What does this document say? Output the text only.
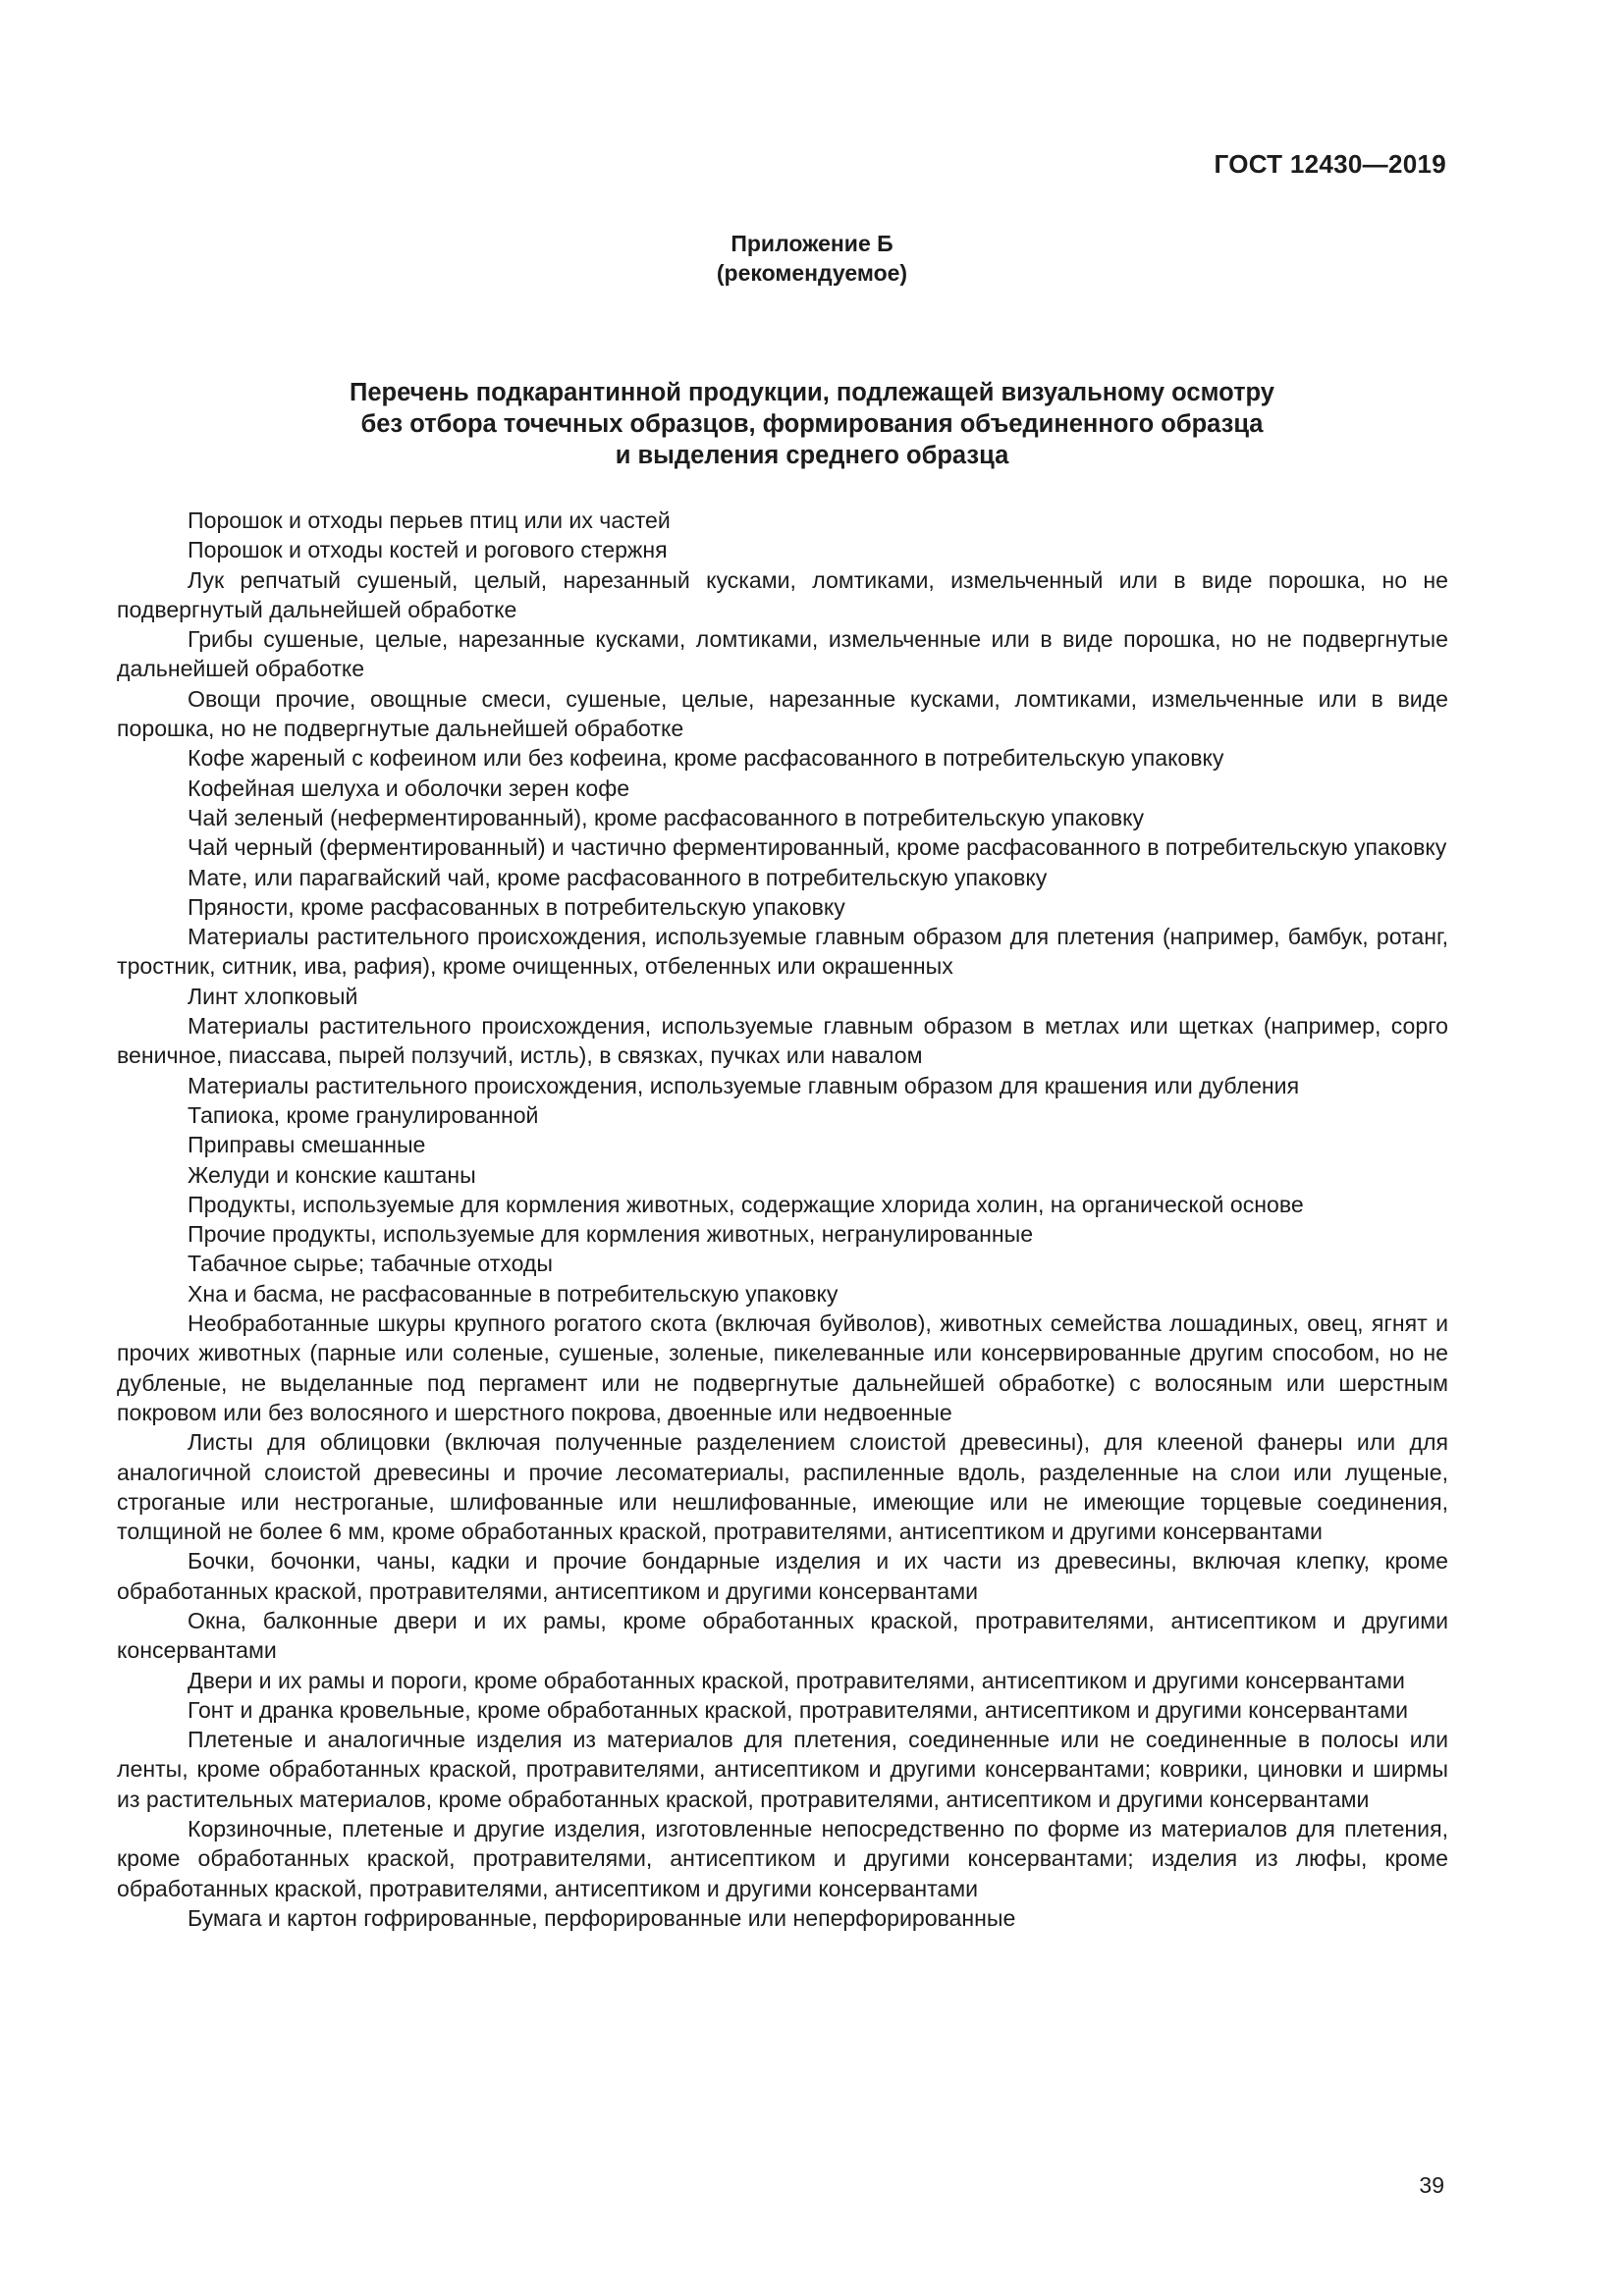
ГОСТ 12430—2019
Приложение Б
(рекомендуемое)
Перечень подкарантинной продукции, подлежащей визуальному осмотру
без отбора точечных образцов, формирования объединенного образца
и выделения среднего образца

Порошок и отходы перьев птиц или их частей

Порошок и отходы костей и рогового стержня

Лук репчатый сушеный, целый, нарезанный кусками, ломтиками, измельченный или в виде порошка, но не подвергнутый дальнейшей обработке

Грибы сушеные, целые, нарезанные кусками, ломтиками, измельченные или в виде порошка, но не подвергнутые дальнейшей обработке

Овощи прочие, овощные смеси, сушеные, целые, нарезанные кусками, ломтиками, измельченные или в виде порошка, но не подвергнутые дальнейшей обработке

Кофе жареный с кофеином или без кофеина, кроме расфасованного в потребительскую упаковку

Кофейная шелуха и оболочки зерен кофе

Чай зеленый (неферментированный), кроме расфасованного в потребительскую упаковку

Чай черный (ферментированный) и частично ферментированный, кроме расфасованного в потребительскую упаковку

Мате, или парагвайский чай, кроме расфасованного в потребительскую упаковку

Пряности, кроме расфасованных в потребительскую упаковку

Материалы растительного происхождения, используемые главным образом для плетения (например, бамбук, ротанг, тростник, ситник, ива, рафия), кроме очищенных, отбеленных или окрашенных

Линт хлопковый

Материалы растительного происхождения, используемые главным образом в метлах или щетках (например, сорго веничное, пиассава, пырей ползучий, истль), в связках, пучках или навалом

Материалы растительного происхождения, используемые главным образом для крашения или дубления

Тапиока, кроме гранулированной

Приправы смешанные

Желуди и конские каштаны

Продукты, используемые для кормления животных, содержащие хлорида холин, на органической основе

Прочие продукты, используемые для кормления животных, негранулированные

Табачное сырье; табачные отходы

Хна и басма, не расфасованные в потребительскую упаковку

Необработанные шкуры крупного рогатого скота (включая буйволов), животных семейства лошадиных, овец, ягнят и прочих животных (парные или соленые, сушеные, золеные, пикелеванные или консервированные другим способом, но не дубленые, не выделанные под пергамент или не подвергнутые дальнейшей обработке) с волосяным или шерстным покровом или без волосяного и шерстного покрова, двоенные или недвоенные

Листы для облицовки (включая полученные разделением слоистой древесины), для клееной фанеры или для аналогичной слоистой древесины и прочие лесоматериалы, распиленные вдоль, разделенные на слои или лущеные, строганые или нестроганые, шлифованные или нешлифованные, имеющие или не имеющие торцевые соединения, толщиной не более 6 мм, кроме обработанных краской, протравителями, антисептиком и другими консервантами

Бочки, бочонки, чаны, кадки и прочие бондарные изделия и их части из древесины, включая клепку, кроме обработанных краской, протравителями, антисептиком и другими консервантами

Окна, балконные двери и их рамы, кроме обработанных краской, протравителями, антисептиком и другими консервантами

Двери и их рамы и пороги, кроме обработанных краской, протравителями, антисептиком и другими консервантами

Гонт и дранка кровельные, кроме обработанных краской, протравителями, антисептиком и другими консервантами

Плетеные и аналогичные изделия из материалов для плетения, соединенные или не соединенные в полосы или ленты, кроме обработанных краской, протравителями, антисептиком и другими консервантами; коврики, циновки и ширмы из растительных материалов, кроме обработанных краской, протравителями, антисептиком и другими консервантами

Корзиночные, плетеные и другие изделия, изготовленные непосредственно по форме из материалов для плетения, кроме обработанных краской, протравителями, антисептиком и другими консервантами; изделия из люфы, кроме обработанных краской, протравителями, антисептиком и другими консервантами

Бумага и картон гофрированные, перфорированные или неперфорированные

39
